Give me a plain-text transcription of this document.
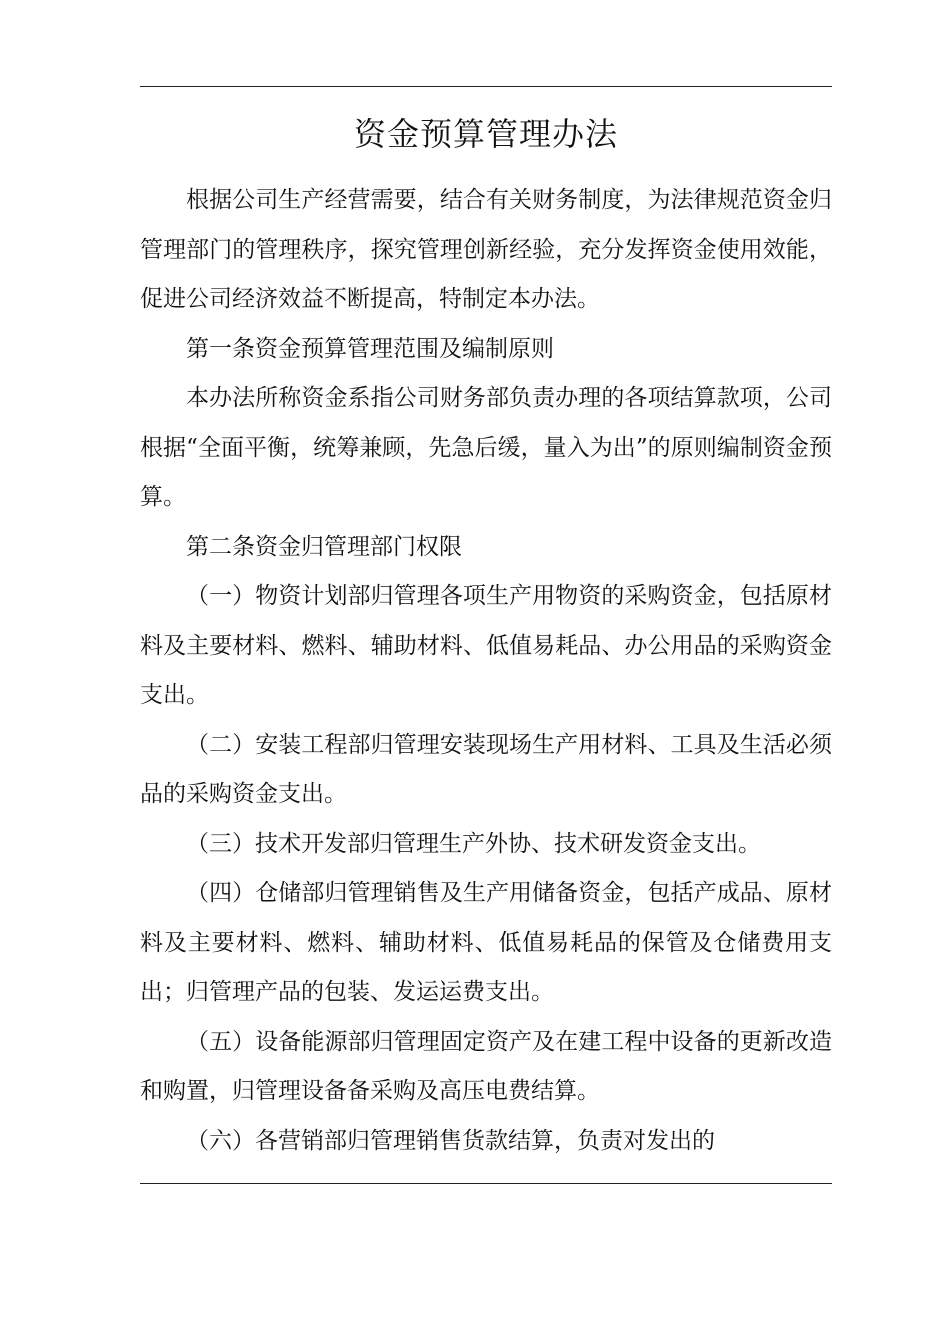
资金预算管理办法

根据公司生产经营需要，结合有关财务制度，为法律规范资金归管理部门的管理秩序，探究管理创新经验，充分发挥资金使用效能，促进公司经济效益不断提高，特制定本办法。

第一条资金预算管理范围及编制原则

本办法所称资金系指公司财务部负责办理的各项结算款项，公司根据“全面平衡，统筹兼顾，先急后缓，量入为出”的原则编制资金预算。

第二条资金归管理部门权限

（一）物资计划部归管理各项生产用物资的采购资金，包括原材料及主要材料、燃料、辅助材料、低值易耗品、办公用品的采购资金支出。

（二）安装工程部归管理安装现场生产用材料、工具及生活必须品的采购资金支出。

（三）技术开发部归管理生产外协、技术研发资金支出。

（四）仓储部归管理销售及生产用储备资金，包括产成品、原材料及主要材料、燃料、辅助材料、低值易耗品的保管及仓储费用支出；归管理产品的包装、发运运费支出。

（五）设备能源部归管理固定资产及在建工程中设备的更新改造和购置，归管理设备备采购及高压电费结算。

（六）各营销部归管理销售货款结算，负责对发出的
